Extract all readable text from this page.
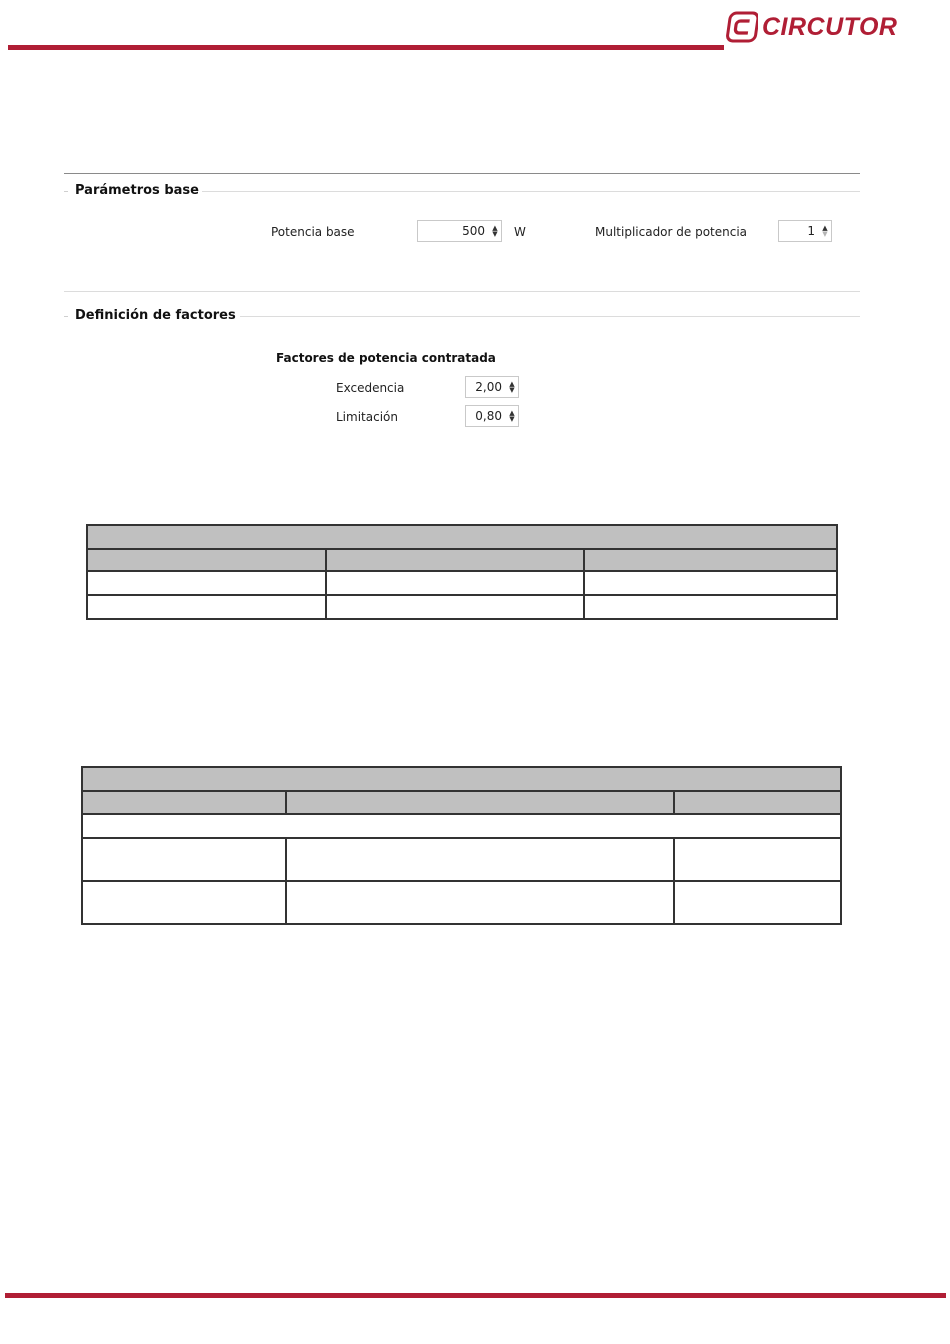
CIRCUTOR
Parámetros base
Potencia base	500	▲
▼ W	Multiplicador de potencia	1	▲
▼
Definición de factores
Factores de potencia contratada
Excedencia	2,00	▲
▼
Limitación	0,80	▲
▼
